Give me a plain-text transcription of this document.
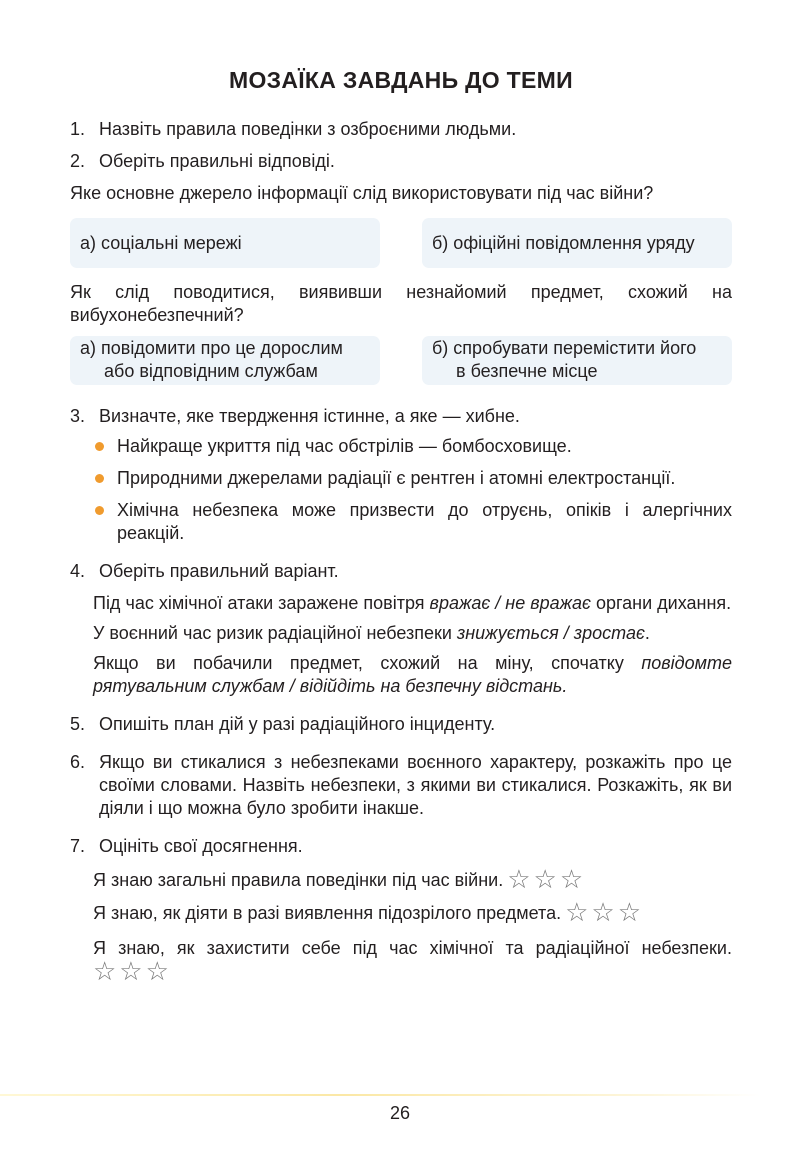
МОЗАЇКА ЗАВДАНЬ ДО ТЕМИ
1. Назвіть правила поведінки з озброєними людьми.
2. Оберіть правильні відповіді.

Яке основне джерело інформації слід використовувати під час війни?

а) соціальні мережі	б) офіційні повідомлення уряду

Як слід поводитися, виявивши незнайомий предмет, схожий на вибухонебезпечний?

а) повідомити про це дорослим
або відповідним службам
б) спробувати перемістити його
в безпечне місце
3. Визначте, яке твердження істинне, а яке — хибне.
Найкраще укриття під час обстрілів — бомбосховище.
Природними джерелами радіації є рентген і атомні електростанції.
Хімічна небезпека може призвести до отруєнь, опіків і алергічних реакцій.
4. Оберіть правильний варіант.

Під час хімічної атаки заражене повітря вражає / не вражає органи дихання.

У воєнний час ризик радіаційної небезпеки знижується / зростає.

Якщо ви побачили предмет, схожий на міну, спочатку повідомте рятувальним службам / відійдіть на безпечну відстань.

5. Опишіть план дій у разі радіаційного інциденту.
6. Якщо ви стикалися з небезпеками воєнного характеру, розкажіть про це своїми словами. Назвіть небезпеки, з якими ви стикалися. Розкажіть, як ви діяли і що можна було зробити інакше.
7. Оцініть свої досягнення.

Я знаю загальні правила поведінки під час війни. ☆☆☆

Я знаю, як діяти в разі виявлення підозрілого предмета. ☆☆☆

Я знаю, як захистити себе під час хімічної та радіаційної небезпеки. ☆☆☆

26
